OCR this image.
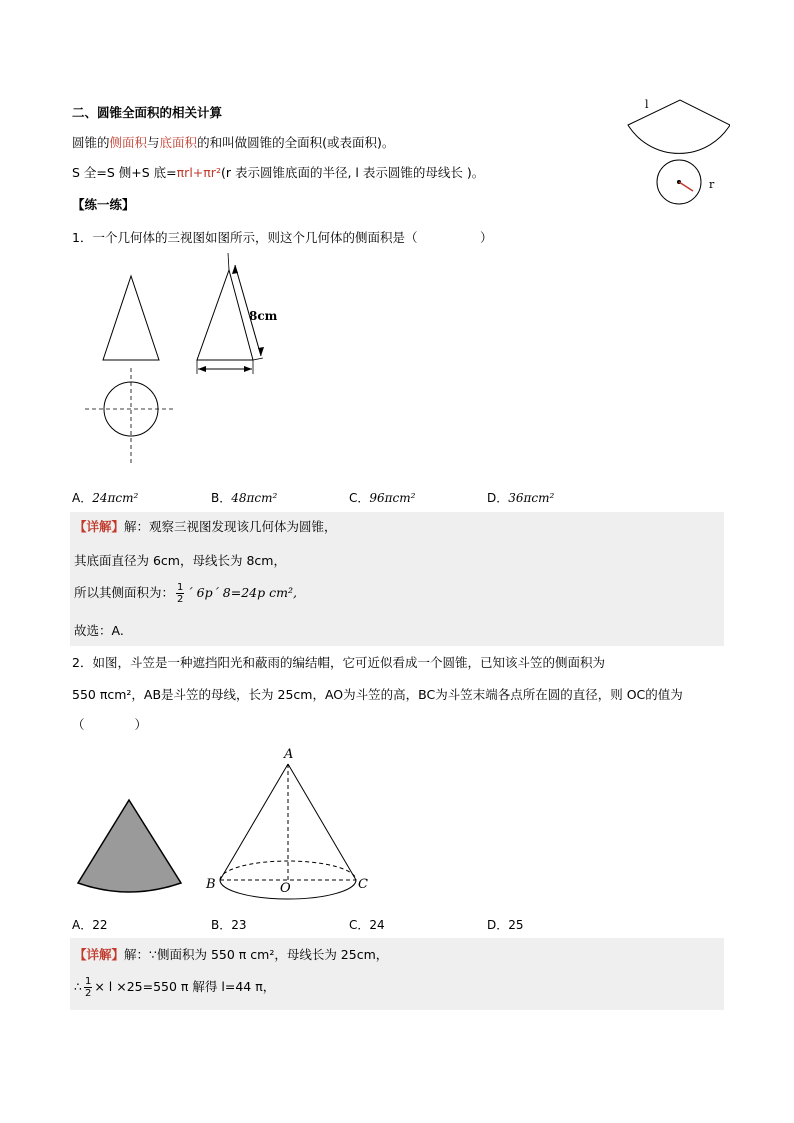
二、圆锥全面积的相关计算
圆锥的侧面积与底面积的和叫做圆锥的全面积(或表面积)。
S 全=S 侧+S 底=πrl+πr²(r 表示圆锥底面的半径, l 表示圆锥的母线长 )。
【练一练】
l
r
1．一个几何体的三视图如图所示，则这个几何体的侧面积是（　　　　　）
8cm
A．24πcm²	B．48πcm²	C．96πcm²	D．36πcm²
【详解】解：观察三视图发现该几何体为圆锥，
其底面直径为 6cm，母线长为 8cm，
所以其侧面积为： $\frac{1}{2}$ ´ 6p´ 8=24p cm²,
故选：A.
2．如图，斗笠是一种遮挡阳光和蔽雨的编结帽，它可近似看成一个圆锥，已知该斗笠的侧面积为
550 πcm²，AB是斗笠的母线，长为 25cm，AO为斗笠的高，BC为斗笠末端各点所在圆的直径，则 OC的值为
（　　　　）
A
B	O	C
A．22	B．23	C．24	D．25
【详解】解：∵侧面积为 550 π cm²，母线长为 25cm，
∴ $\frac{1}{2} \times l \times 25=550$ π 解得 l=44 π，
